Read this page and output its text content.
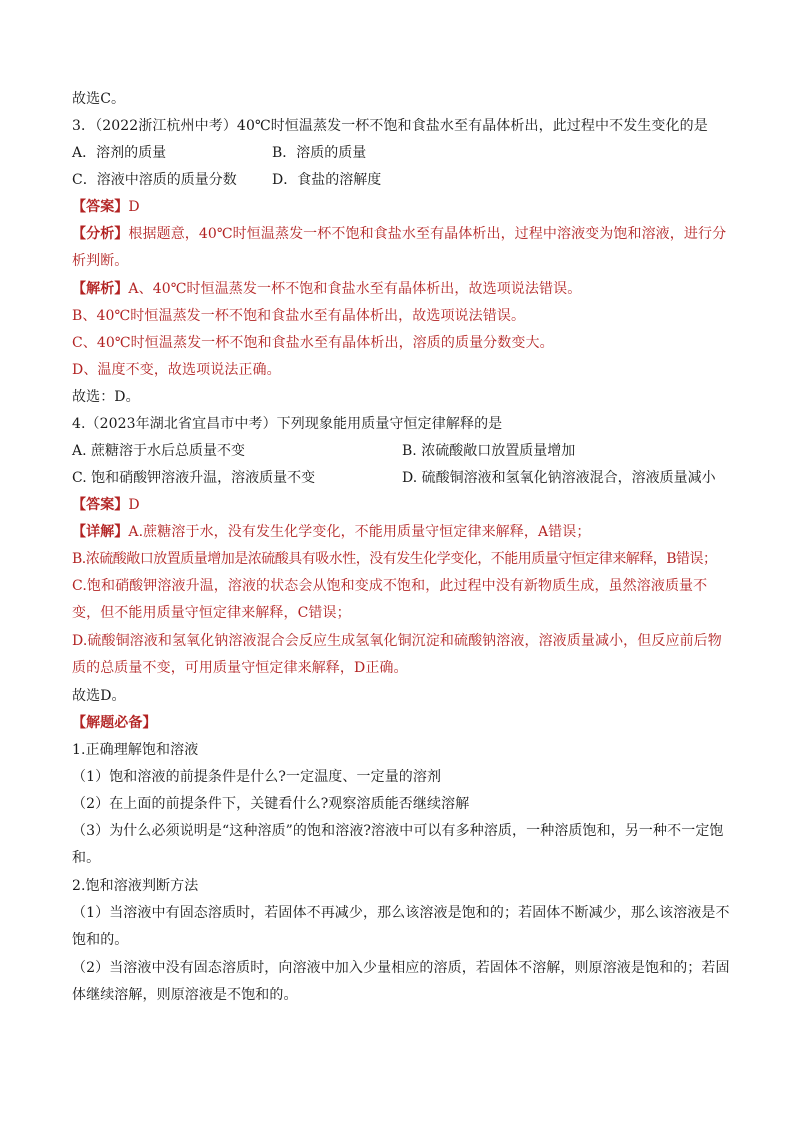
故选C。
3．（2022浙江杭州中考）40℃时恒温蒸发一杯不饱和食盐水至有晶体析出，此过程中不发生变化的是
A．溶剂的质量	B．溶质的质量
C．溶液中溶质的质量分数	D．食盐的溶解度
【答案】D
【分析】根据题意，40℃时恒温蒸发一杯不饱和食盐水至有晶体析出，过程中溶液变为饱和溶液，进行分析判断。
【解析】A、40℃时恒温蒸发一杯不饱和食盐水至有晶体析出，故选项说法错误。
B、40℃时恒温蒸发一杯不饱和食盐水至有晶体析出，故选项说法错误。
C、40℃时恒温蒸发一杯不饱和食盐水至有晶体析出，溶质的质量分数变大。
D、温度不变，故选项说法正确。
故选：D。
4.（2023年湖北省宜昌市中考）下列现象能用质量守恒定律解释的是
A. 蔗糖溶于水后总质量不变	B. 浓硫酸敞口放置质量增加
C. 饱和硝酸钾溶液升温，溶液质量不变	D. 硫酸铜溶液和氢氧化钠溶液混合，溶液质量减小
【答案】D
【详解】A.蔗糖溶于水，没有发生化学变化，不能用质量守恒定律来解释，A错误；
B.浓硫酸敞口放置质量增加是浓硫酸具有吸水性，没有发生化学变化，不能用质量守恒定律来解释，B错误；
C.饱和硝酸钾溶液升温，溶液的状态会从饱和变成不饱和，此过程中没有新物质生成，虽然溶液质量不变，但不能用质量守恒定律来解释，C错误；
D.硫酸铜溶液和氢氧化钠溶液混合会反应生成氢氧化铜沉淀和硫酸钠溶液，溶液质量减小，但反应前后物质的总质量不变，可用质量守恒定律来解释，D正确。
故选D。
【解题必备】
1.正确理解饱和溶液
（1）饱和溶液的前提条件是什么?一定温度、一定量的溶剂
（2）在上面的前提条件下，关键看什么?观察溶质能否继续溶解
（3）为什么必须说明是“这种溶质”的饱和溶液?溶液中可以有多种溶质，一种溶质饱和，另一种不一定饱和。
2.饱和溶液判断方法
（1）当溶液中有固态溶质时，若固体不再减少，那么该溶液是饱和的；若固体不断减少，那么该溶液是不饱和的。
（2）当溶液中没有固态溶质时，向溶液中加入少量相应的溶质，若固体不溶解，则原溶液是饱和的；若固体继续溶解，则原溶液是不饱和的。
